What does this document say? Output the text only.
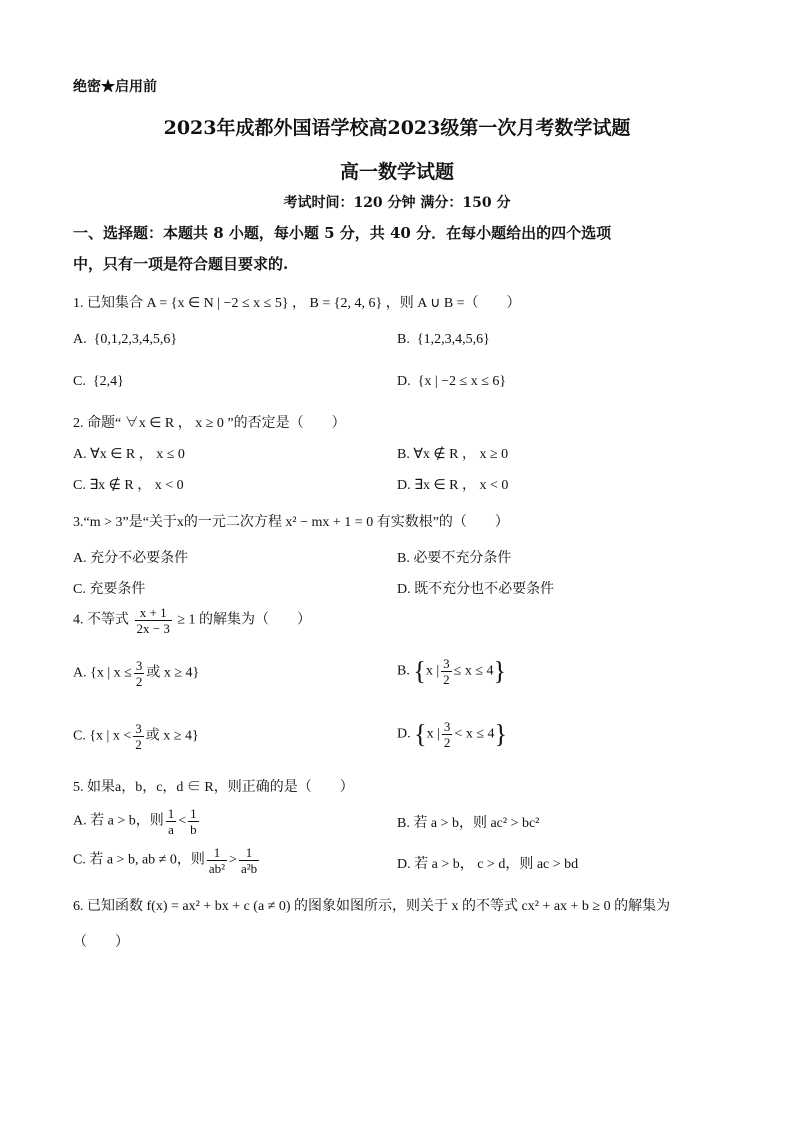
绝密★启用前
2023年成都外国语学校高2023级第一次月考数学试题
高一数学试题
考试时间：120 分钟 满分：150 分
一、选择题：本题共 8 小题，每小题 5 分，共 40 分．在每小题给出的四个选项
中，只有一项是符合题目要求的.
1. 已知集合 A = {x ∈ N | −2 ≤ x ≤ 5} ， B = {2, 4, 6} ，则 A ∪ B =（　　）
A.  {0,1,2,3,4,5,6}	B.  {1,2,3,4,5,6}
C.  {2,4}	D.  {x | −2 ≤ x ≤ 6}
2. 命题“ ∀x ∈ R ， x ≥ 0 ”的否定是（　　）
A. ∀x ∈ R ， x ≤ 0	B. ∀x ∉ R ， x ≥ 0
C. ∃x ∉ R ， x < 0	D. ∃x ∈ R ， x < 0
3.“m > 3”是“关于x的一元二次方程 x² − mx + 1 = 0 有实数根”的（　　）
A. 充分不必要条件	B. 必要不充分条件
C. 充要条件	D. 既不充分也不必要条件
4. 不等式 $\frac{x + 1}{2x - 3} \ge 1$ 的解集为（　　）
A. {x | $x \le \frac{3}{2}$ 或 x ≥ 4}	B. {x | $\frac{3}{2} \le x \le 4$}
C. {x | $x < \frac{3}{2}$ 或 x ≥ 4}	D. {x | $\frac{3}{2} < x \le 4$}
5. 如果a，b，c，d ∈ R，则正确的是（　　）
A. 若 a > b，则 $\frac{1}{a} < \frac{1}{b}$	B. 若 a > b，则 ac² > bc²
C. 若 a > b, ab ≠ 0，则 $\frac{1}{\text{ab²}} > \frac{1}{\text{a²b}}$	D. 若 a > b， c > d，则 ac > bd
6. 已知函数 f(x) = ax² + bx + c (a ≠ 0) 的图象如图所示，则关于 x 的不等式 cx² + ax + b ≥ 0 的解集为
（　　）
